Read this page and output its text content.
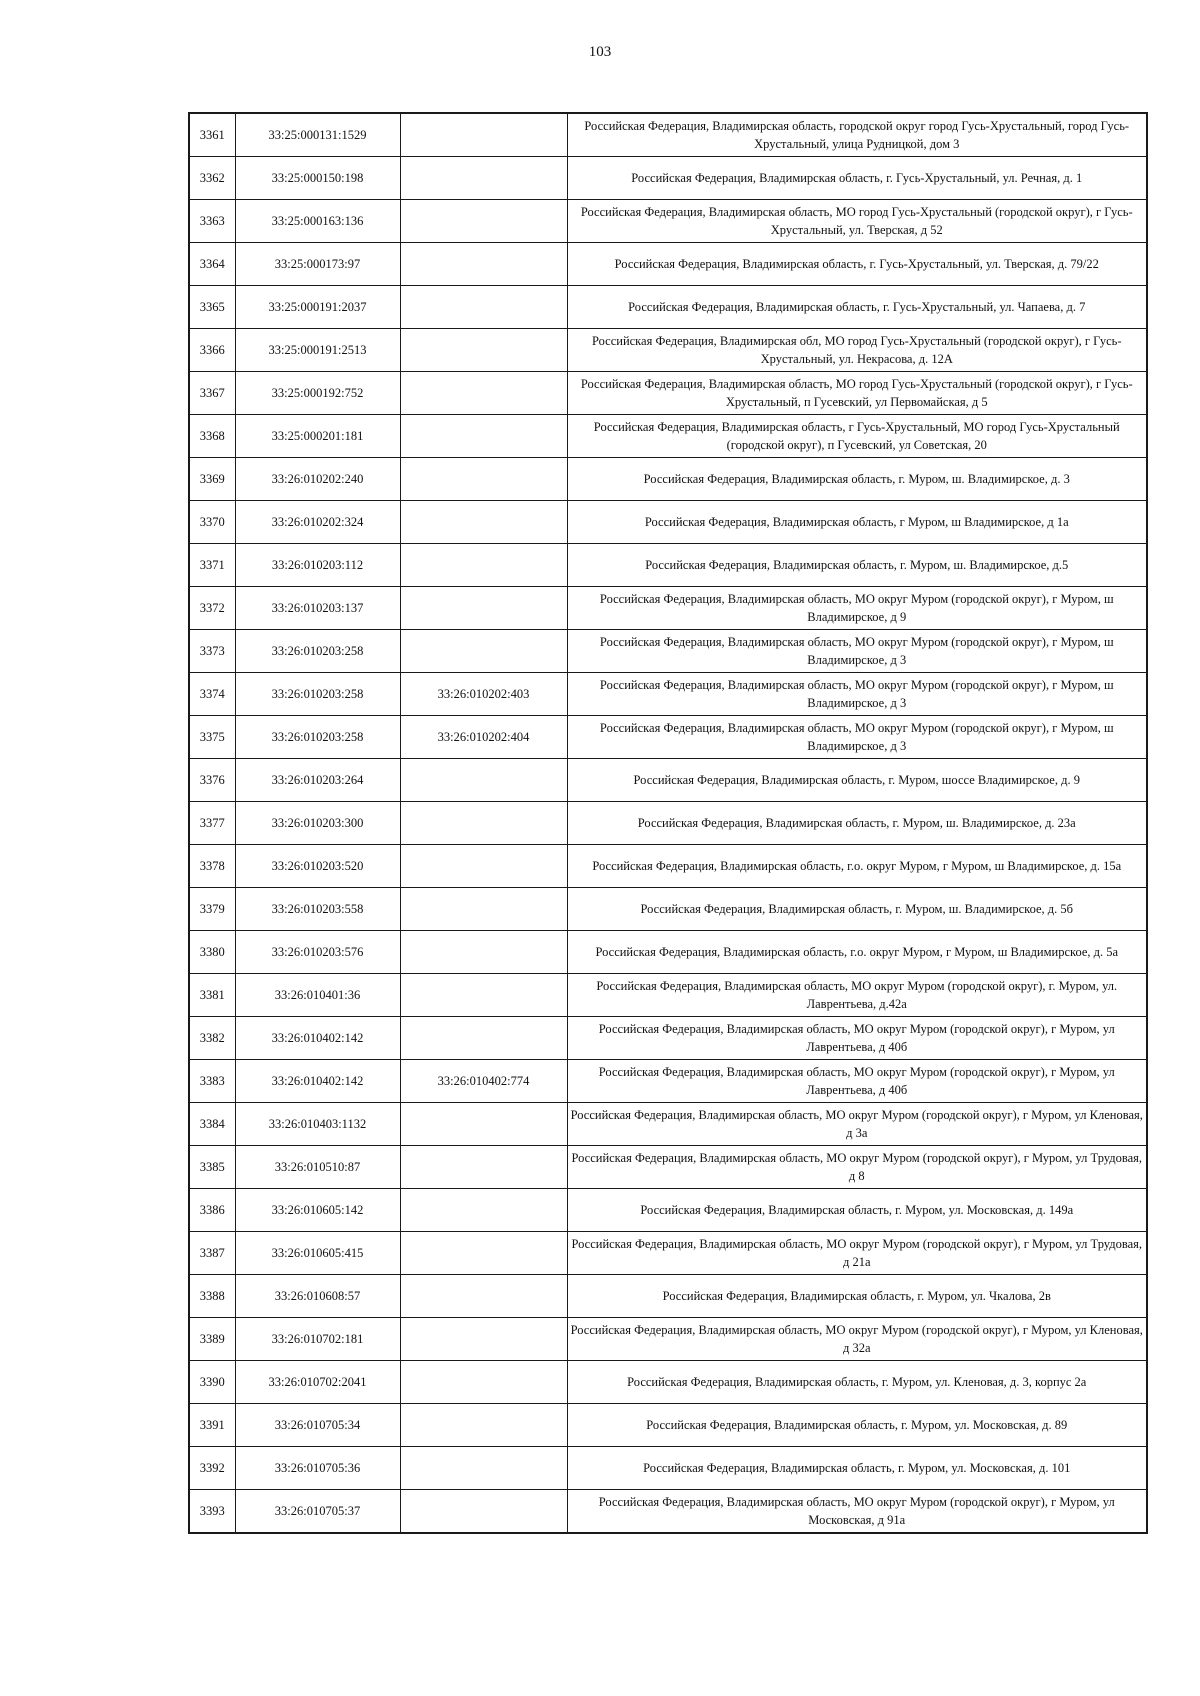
103
3361	33:25:000131:1529		Российская Федерация, Владимирская область, городской округ город Гусь-Хрустальный, город Гусь-Хрустальный, улица Рудницкой, дом 3
3362	33:25:000150:198		Российская Федерация, Владимирская область, г. Гусь-Хрустальный, ул. Речная, д. 1
3363	33:25:000163:136		Российская Федерация, Владимирская область, МО город Гусь-Хрустальный (городской округ), г Гусь-Хрустальный, ул. Тверская, д 52
3364	33:25:000173:97		Российская Федерация, Владимирская область, г. Гусь-Хрустальный, ул. Тверская, д. 79/22
3365	33:25:000191:2037		Российская Федерация, Владимирская область, г. Гусь-Хрустальный, ул. Чапаева, д. 7
3366	33:25:000191:2513		Российская Федерация, Владимирская обл, МО город Гусь-Хрустальный (городской округ), г Гусь-Хрустальный, ул. Некрасова, д. 12А
3367	33:25:000192:752		Российская Федерация, Владимирская область, МО город Гусь-Хрустальный (городской округ), г Гусь-Хрустальный, п Гусевский, ул Первомайская, д 5
3368	33:25:000201:181		Российская Федерация, Владимирская область, г Гусь-Хрустальный, МО город Гусь-Хрустальный (городской округ), п Гусевский, ул Советская, 20
3369	33:26:010202:240		Российская Федерация, Владимирская область, г. Муром, ш. Владимирское, д. 3
3370	33:26:010202:324		Российская Федерация, Владимирская область, г Муром, ш Владимирское, д 1а
3371	33:26:010203:112		Российская Федерация, Владимирская область, г. Муром, ш. Владимирское, д.5
3372	33:26:010203:137		Российская Федерация, Владимирская область, МО округ Муром (городской округ), г Муром, ш Владимирское, д 9
3373	33:26:010203:258		Российская Федерация, Владимирская область, МО округ Муром (городской округ), г Муром, ш Владимирское, д 3
3374	33:26:010203:258	33:26:010202:403	Российская Федерация, Владимирская область, МО округ Муром (городской округ), г Муром, ш Владимирское, д 3
3375	33:26:010203:258	33:26:010202:404	Российская Федерация, Владимирская область, МО округ Муром (городской округ), г Муром, ш Владимирское, д 3
3376	33:26:010203:264		Российская Федерация, Владимирская область, г. Муром, шоссе Владимирское, д. 9
3377	33:26:010203:300		Российская Федерация, Владимирская область, г. Муром, ш. Владимирское, д. 23а
3378	33:26:010203:520		Российская Федерация, Владимирская область, г.о. округ Муром, г Муром, ш Владимирское, д. 15а
3379	33:26:010203:558		Российская Федерация, Владимирская область, г. Муром, ш. Владимирское, д. 5б
3380	33:26:010203:576		Российская Федерация, Владимирская область, г.о. округ Муром, г Муром, ш Владимирское, д. 5а
3381	33:26:010401:36		Российская Федерация, Владимирская область, МО округ Муром (городской округ), г. Муром, ул. Лаврентьева, д.42а
3382	33:26:010402:142		Российская Федерация, Владимирская область, МО округ Муром (городской округ), г Муром, ул Лаврентьева, д 40б
3383	33:26:010402:142	33:26:010402:774	Российская Федерация, Владимирская область, МО округ Муром (городской округ), г Муром, ул Лаврентьева, д 40б
3384	33:26:010403:1132		Российская Федерация, Владимирская область, МО округ Муром (городской округ), г Муром, ул Кленовая, д 3а
3385	33:26:010510:87		Российская Федерация, Владимирская область, МО округ Муром (городской округ), г Муром, ул Трудовая, д 8
3386	33:26:010605:142		Российская Федерация, Владимирская область, г. Муром, ул. Московская, д. 149а
3387	33:26:010605:415		Российская Федерация, Владимирская область, МО округ Муром (городской округ), г Муром, ул Трудовая, д 21а
3388	33:26:010608:57		Российская Федерация, Владимирская область, г. Муром, ул. Чкалова, 2в
3389	33:26:010702:181		Российская Федерация, Владимирская область, МО округ Муром (городской округ), г Муром, ул Кленовая, д 32а
3390	33:26:010702:2041		Российская Федерация, Владимирская область, г. Муром, ул. Кленовая, д. 3, корпус 2а
3391	33:26:010705:34		Российская Федерация, Владимирская область, г. Муром, ул. Московская, д. 89
3392	33:26:010705:36		Российская Федерация, Владимирская область, г. Муром, ул. Московская, д. 101
3393	33:26:010705:37		Российская Федерация, Владимирская область, МО округ Муром (городской округ), г Муром, ул Московская, д 91а
